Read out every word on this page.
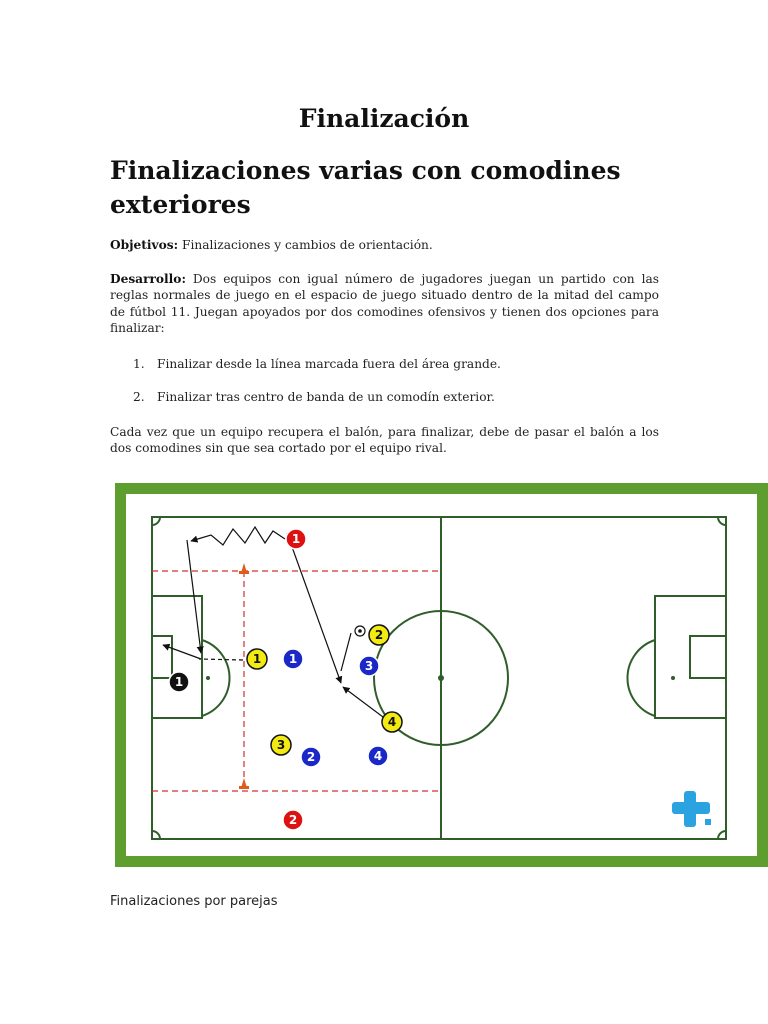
Finalización
Finalizaciones varias con comodines exteriores
Objetivos: Finalizaciones y cambios de orientación.
Desarrollo: Dos equipos con igual número de jugadores juegan un partido con las reglas normales de juego en el espacio de juego situado dentro de la mitad del campo de fútbol 11. Juegan apoyados por dos comodines ofensivos y tienen dos opciones para finalizar:
1. Finalizar desde la línea marcada fuera del área grande.
2. Finalizar tras centro de banda de un comodín exterior.
Cada vez que un equipo recupera el balón, para finalizar, debe de pasar el balón a los dos comodines sin que sea cortado por el equipo rival.
1
2
1
2
3
4
1
2
3
4
1
Finalizaciones por parejas
